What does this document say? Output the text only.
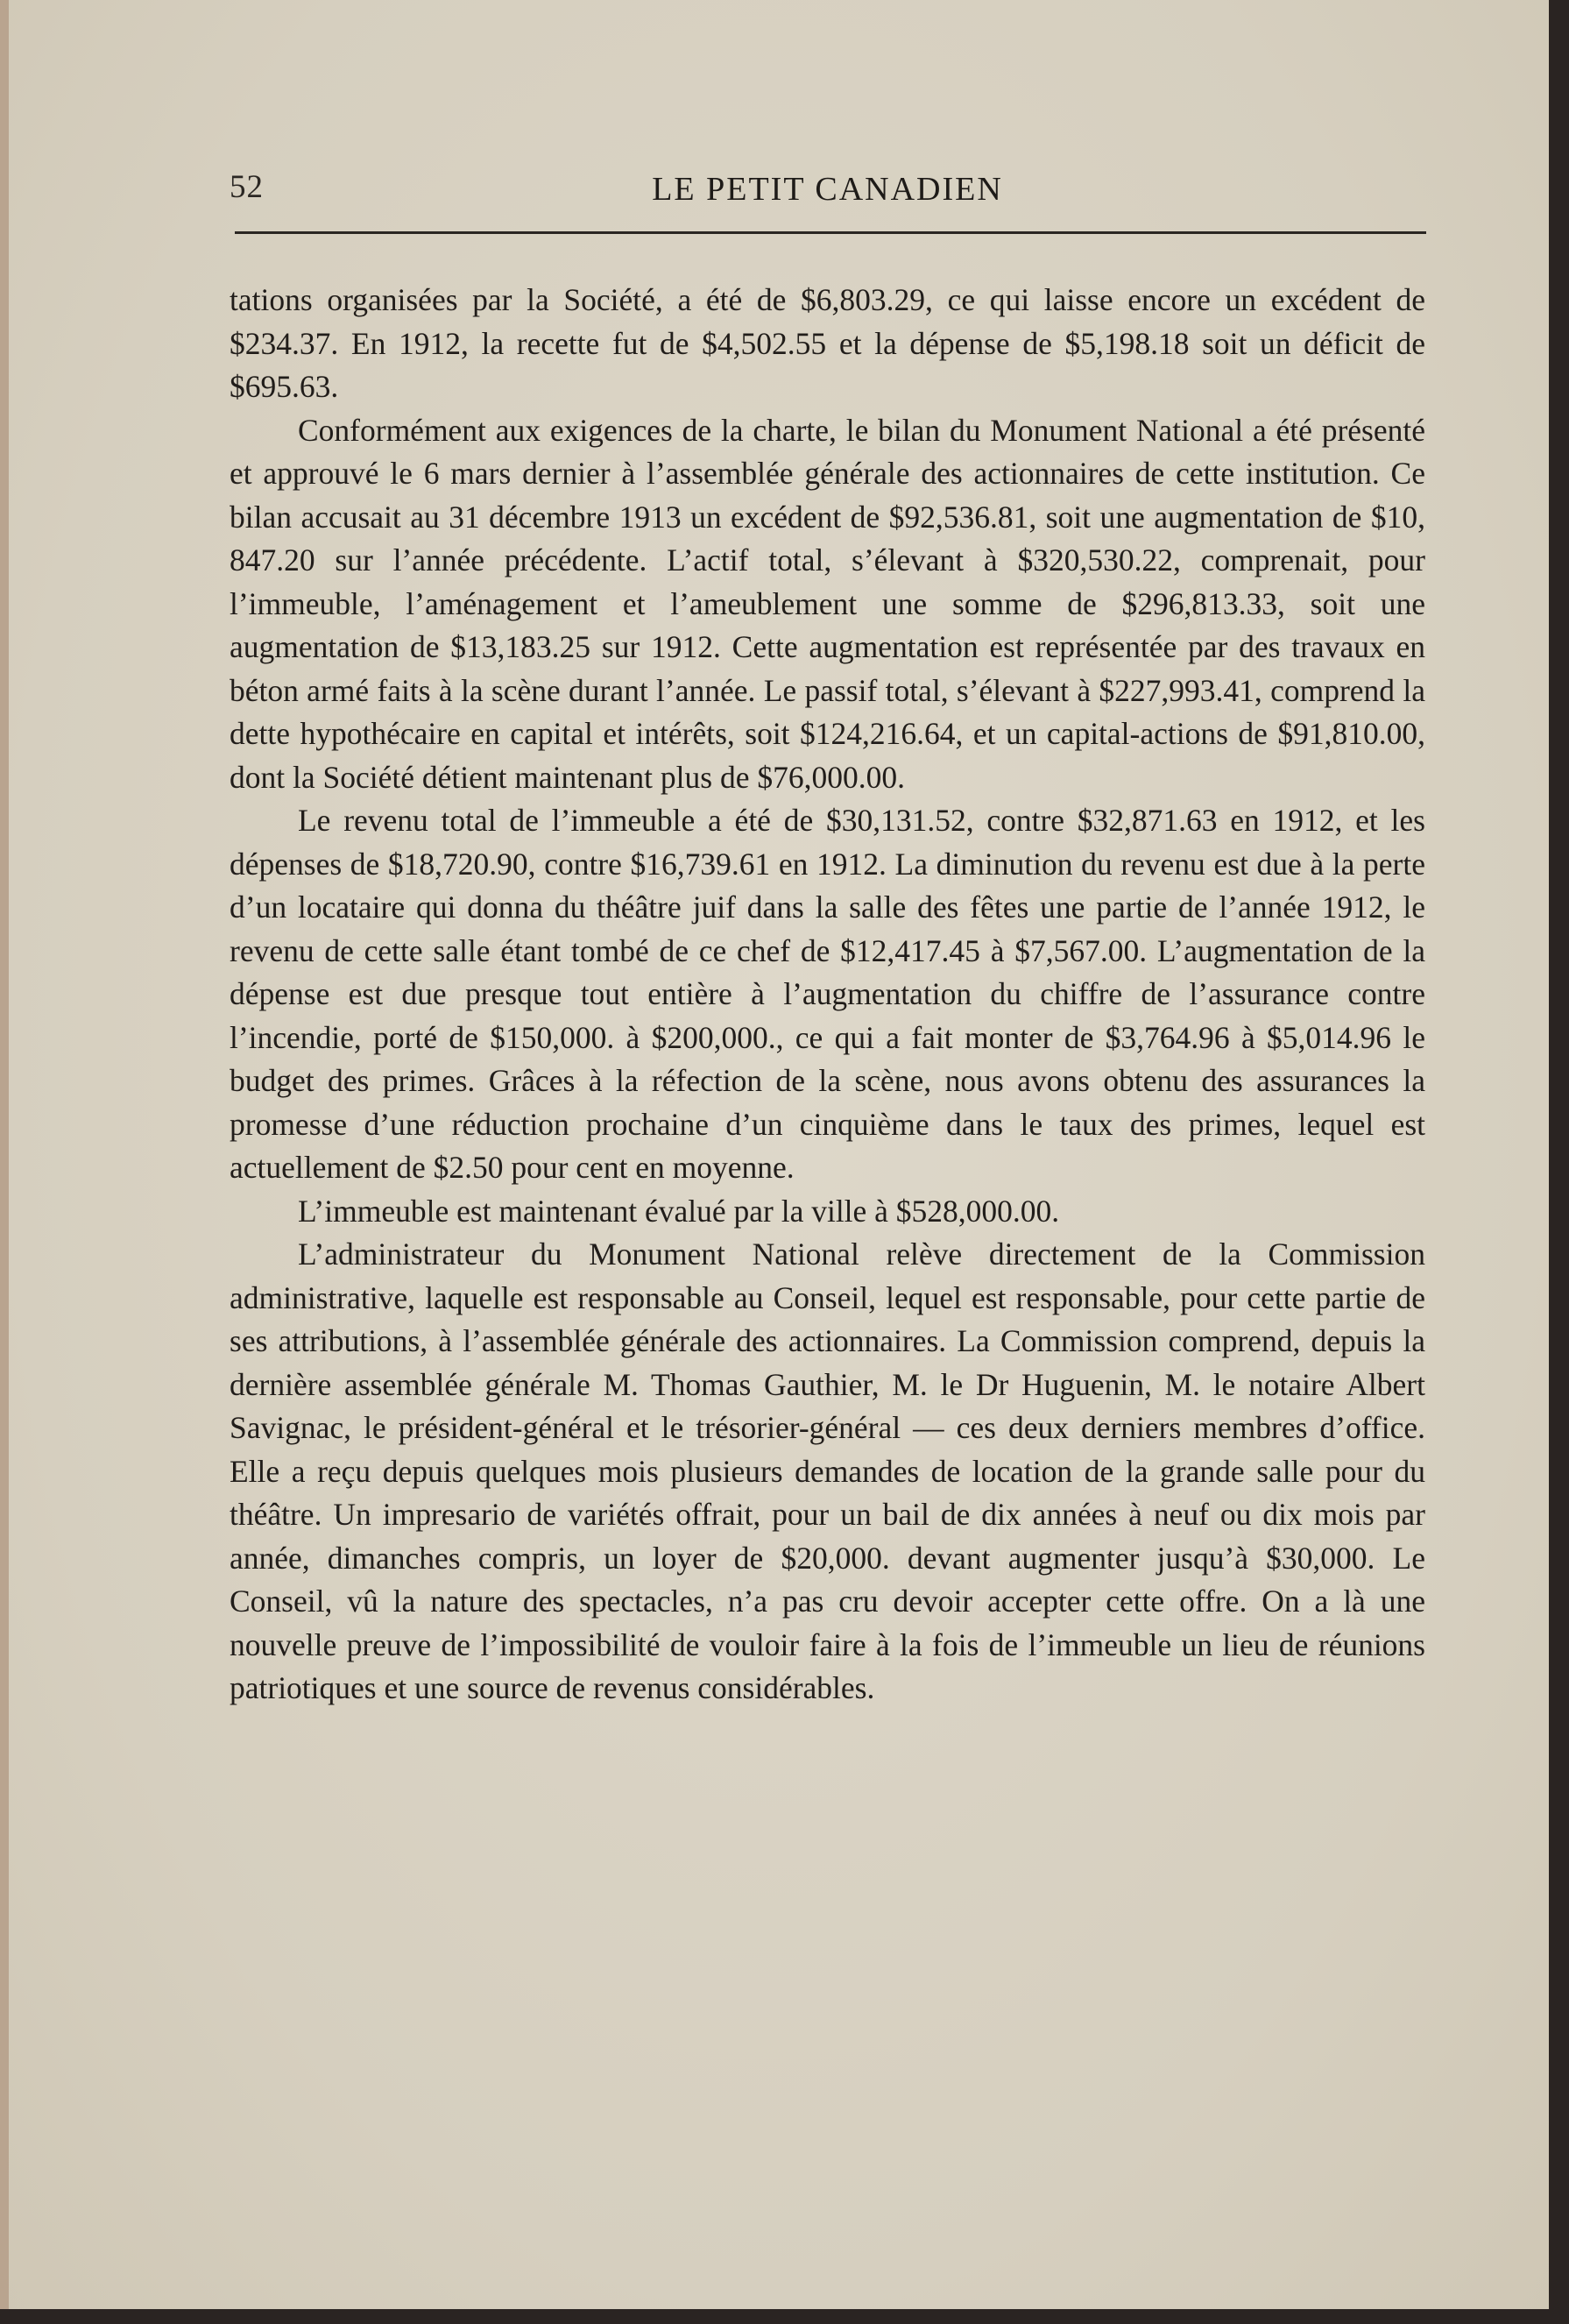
52	LE PETIT CANADIEN

tations organisées par la Société, a été de $6,803.29, ce qui laisse encore un excédent de $234.37. En 1912, la recette fut de $4,502.55 et la dépense de $5,198.18 soit un déficit de $695.63.

Conformément aux exigences de la charte, le bilan du Monument National a été présenté et approuvé le 6 mars dernier à l’assemblée générale des actionnaires de cette institution. Ce bilan accusait au 31 décembre 1913 un excédent de $92,536.81, soit une augmentation de $10, 847.20 sur l’année précédente. L’actif total, s’élevant à $320,530.22, comprenait, pour l’immeuble, l’aménagement et l’ameublement une somme de $296,813.33, soit une augmentation de $13,183.25 sur 1912. Cette augmentation est représentée par des travaux en béton armé faits à la scène durant l’année. Le passif total, s’élevant à $227,993.41, comprend la dette hypothécaire en capital et intérêts, soit $124,216.64, et un capital-actions de $91,810.00, dont la Société détient maintenant plus de $76,000.00.

Le revenu total de l’immeuble a été de $30,131.52, contre $32,871.63 en 1912, et les dépenses de $18,720.90, contre $16,739.61 en 1912. La diminution du revenu est due à la perte d’un locataire qui donna du théâtre juif dans la salle des fêtes une partie de l’année 1912, le revenu de cette salle étant tombé de ce chef de $12,417.45 à $7,567.00. L’augmentation de la dépense est due presque tout entière à l’augmentation du chiffre de l’assurance contre l’incendie, porté de $150,000. à $200,000., ce qui a fait monter de $3,764.96 à $5,014.96 le budget des primes. Grâces à la réfection de la scène, nous avons obtenu des assurances la promesse d’une réduction prochaine d’un cinquième dans le taux des primes, lequel est actuellement de $2.50 pour cent en moyenne.

L’immeuble est maintenant évalué par la ville à $528,000.00.

L’administrateur du Monument National relève directement de la Commission administrative, laquelle est responsable au Conseil, lequel est responsable, pour cette partie de ses attributions, à l’assemblée générale des actionnaires. La Commission comprend, depuis la dernière assemblée générale M. Thomas Gauthier, M. le Dr Huguenin, M. le notaire Albert Savignac, le président-général et le trésorier-général — ces deux derniers membres d’office. Elle a reçu depuis quelques mois plusieurs demandes de location de la grande salle pour du théâtre. Un impresario de variétés offrait, pour un bail de dix années à neuf ou dix mois par année, dimanches compris, un loyer de $20,000. devant augmenter jusqu’à $30,000. Le Conseil, vû la nature des spectacles, n’a pas cru devoir accepter cette offre. On a là une nouvelle preuve de l’impossibilité de vouloir faire à la fois de l’immeuble un lieu de réunions patriotiques et une source de revenus considérables.
